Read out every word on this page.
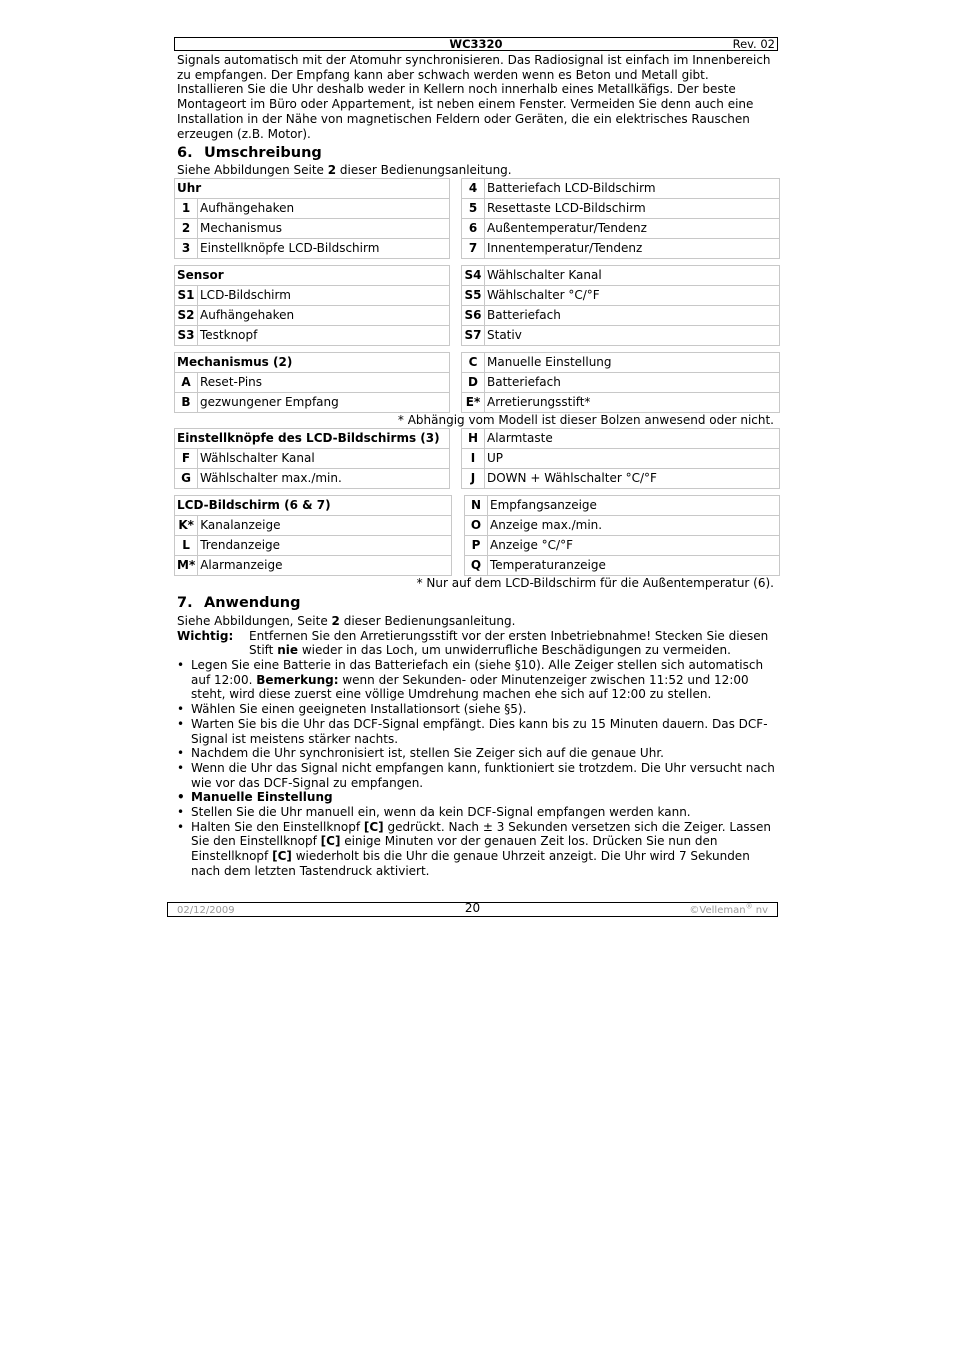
WC3320	Rev. 02

Signals automatisch mit der Atomuhr synchronisieren. Das Radiosignal ist einfach im Innenbereich zu empfangen. Der Empfang kann aber schwach werden wenn es Beton und Metall gibt. Installieren Sie die Uhr deshalb weder in Kellern noch innerhalb eines Metallkäfigs. Der beste Montageort im Büro oder Appartement, ist neben einem Fenster. Vermeiden Sie denn auch eine Installation in der Nähe von magnetischen Feldern oder Geräten, die ein elektrisches Rauschen erzeugen (z.B. Motor).

6. Umschreibung

Siehe Abbildungen Seite 2 dieser Bedienungsanleitung.

Uhr	
1	Aufhängehaken
2	Mechanismus
3	Einstellknöpfe LCD-Bildschirm
4	Batteriefach LCD-Bildschirm
5	Resettaste LCD-Bildschirm
6	Außentemperatur/Tendenz
7	Innentemperatur/Tendenz
Sensor	
S1	LCD-Bildschirm
S2	Aufhängehaken
S3	Testknopf
S4	Wählschalter Kanal
S5	Wählschalter °C/°F
S6	Batteriefach
S7	Stativ
Mechanismus (2)	
A	Reset-Pins
B	gezwungener Empfang
C	Manuelle Einstellung
D	Batteriefach
E*	Arretierungsstift*
* Abhängig vom Modell ist dieser Bolzen anwesend oder nicht.
Einstellknöpfe des LCD-Bildschirms (3)	
F	Wählschalter Kanal
G	Wählschalter max./min.
H	Alarmtaste
I	UP
J	DOWN + Wählschalter °C/°F
LCD-Bildschirm (6 & 7)	
K*	Kanalanzeige
L	Trendanzeige
M*	Alarmanzeige
N	Empfangsanzeige
O	Anzeige max./min.
P	Anzeige °C/°F
Q	Temperaturanzeige
* Nur auf dem LCD-Bildschirm für die Außentemperatur (6).
7. Anwendung

Siehe Abbildungen, Seite 2 dieser Bedienungsanleitung.

Wichtig:	Entfernen Sie den Arretierungsstift vor der ersten Inbetriebnahme! Stecken Sie diesen Stift nie wieder in das Loch, um unwiderrufliche Beschädigungen zu vermeiden.
• Legen Sie eine Batterie in das Batteriefach ein (siehe §10). Alle Zeiger stellen sich automatisch auf 12:00. Bemerkung: wenn der Sekunden- oder Minutenzeiger zwischen 11:52 und 12:00 steht, wird diese zuerst eine völlige Umdrehung machen ehe sich auf 12:00 zu stellen.
• Wählen Sie einen geeigneten Installationsort (siehe §5).
• Warten Sie bis die Uhr das DCF-Signal empfängt. Dies kann bis zu 15 Minuten dauern. Das DCF-Signal ist meistens stärker nachts.
• Nachdem die Uhr synchronisiert ist, stellen Sie Zeiger sich auf die genaue Uhr.
• Wenn die Uhr das Signal nicht empfangen kann, funktioniert sie trotzdem. Die Uhr versucht nach wie vor das DCF-Signal zu empfangen.
• Manuelle Einstellung
• Stellen Sie die Uhr manuell ein, wenn da kein DCF-Signal empfangen werden kann.
• Halten Sie den Einstellknopf [C] gedrückt. Nach ± 3 Sekunden versetzen sich die Zeiger. Lassen Sie den Einstellknopf [C] einige Minuten vor der genauen Zeit los. Drücken Sie nun den Einstellknopf [C] wiederholt bis die Uhr die genaue Uhrzeit anzeigt. Die Uhr wird 7 Sekunden nach dem letzten Tastendruck aktiviert.
02/12/2009	20	©Velleman® nv
